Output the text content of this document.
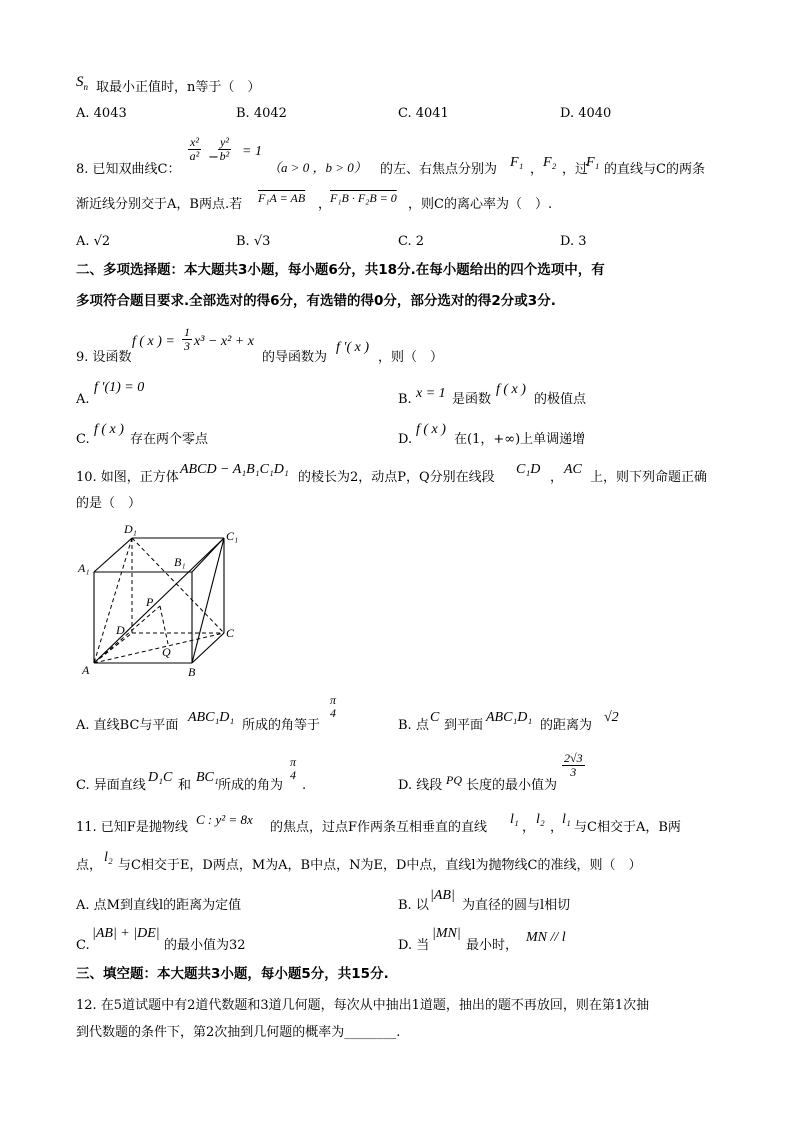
$S_n$ 取最小正值时，n等于（　）
A. 4043	B. 4042	C. 4041	D. 4040
8. 已知双曲线C：
$\frac{\text{x²}}{\text{a²}} - \frac{\text{y²}}{\text{b²}} = 1$
（a > 0 ，b > 0） 的左、右焦点分别为 F₁ ， F₂ ，过
F₁ 的直线与C的两条
渐近线分别交于A，B两点.若 F₁A = AB ，
F₁B · F₂B = 0 ，则C的离心率为（　）.
A. √2	B. √3	C. 2	D. 3
二、多项选择题：本大题共3小题，每小题6分，共18分.在每小题给出的四个选项中，有
多项符合题目要求.全部选对的得6分，有选错的得0分，部分选对的得2分或3分.
9. 设函数
f ( x ) = $\frac{1}{3} x^3 - x^2 + x$
的导函数为
f ′( x )
，则（　）
A.
f ′(1) = 0
B. x = 1 是函数
f ( x )
的极值点
C.
f ( x )
存在两个零点	D.
f ( x )
在(1，+∞)上单调递增
10. 如图，正方体
ABCD − A₁B₁C₁D₁
的棱长为2，动点P，Q分别在线段
C₁D
，
AC
上，则下列命题正确
的是（　）
D₁	C₁
A₁	B₁
P
D	C
Q
A	B
A. 直线BC与平面
ABC₁D₁
所成的角等于
π
4
B. 点
C
到平面
ABC₁D₁
的距离为
√2
C. 异面直线
D₁C
和
BC₁
所成的角为
π
4
.	D. 线段 PQ 长度的最小值为
$\frac{2√3}{3}$
11. 已知F是抛物线
C : y² = 8x
的焦点，过点F作两条互相垂直的直线
l₁
，
l₂
，
l₁
与C相交于A，B两
点，
l₂
与C相交于E，D两点，M为A，B中点，N为E，D中点，直线l为抛物线C的准线，则（　）
A. 点M到直线l的距离为定值	B. 以
|AB|
为直径的圆与l相切
C.
|AB| + |DE|
的最小值为32	D. 当
|MN|
最小时，
MN // l
三、填空题：本大题共3小题，每小题5分，共15分.
12. 在5道试题中有2道代数题和3道几何题，每次从中抽出1道题，抽出的题不再放回，则在第1次抽
到代数题的条件下，第2次抽到几何题的概率为________.
